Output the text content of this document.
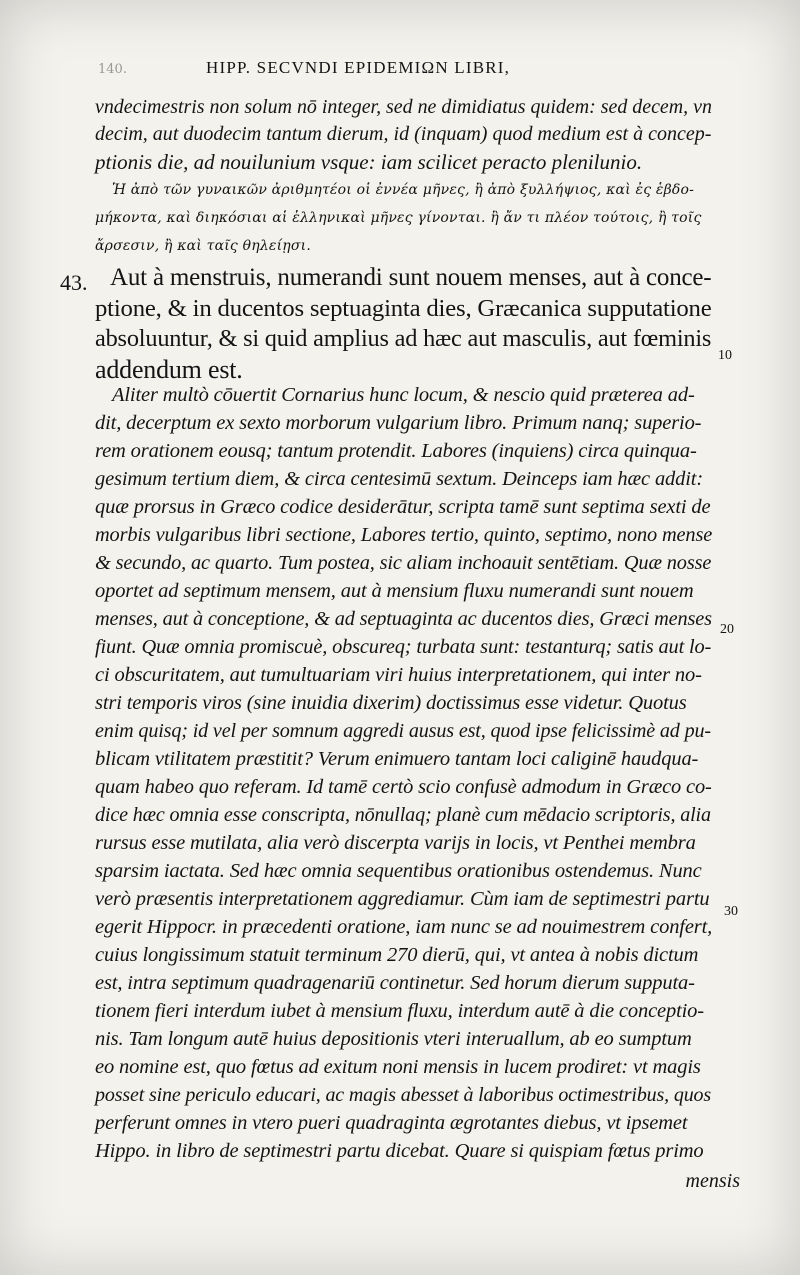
140.	HIPP. SECVNDI EPIDEMIΩN LIBRI,
vndecimestris non solum nō integer, sed ne dimidiatus quidem: sed decem, vn
decim, aut duodecim tantum dierum, id (inquam) quod medium est à concep-
ptionis die, ad nouilunium vsque: iam scilicet peracto plenilunio.
Ἡ ἀπὸ τῶν γυναικῶν ἀριθμητέοι οἱ ἐννέα μῆνες, ἢ ἀπὸ ξυλλήψιος, καὶ ἐς ἑβδο-
μήκοντα, καὶ διηκόσιαι αἱ ἑλληνικαὶ μῆνες γίνονται. ἢ ἄν τι πλέον τούτοις, ἢ τοῖς
ἄρσεσιν, ἢ καὶ ταῖς θηλείῃσι.
43. Aut à menstruis, numerandi sunt nouem menses, aut à conce-
ptione, & in ducentos septuaginta dies, Græcanica supputatione
absoluuntur, & si quid amplius ad hæc aut masculis, aut fœminis
addendum est.	10
Aliter multò cōuertit Cornarius hunc locum, & nescio quid præterea ad-
dit, decerptum ex sexto morborum vulgarium libro. Primum nanq; superio-
rem orationem eousq; tantum protendit. Labores (inquiens) circa quinqua-
gesimum tertium diem, & circa centesimū sextum. Deinceps iam hæc addit:
quæ prorsus in Græco codice desiderātur, scripta tamē sunt septima sexti de
morbis vulgaribus libri sectione, Labores tertio, quinto, septimo, nono mense
& secundo, ac quarto. Tum postea, sic aliam inchoauit sentētiam. Quæ nosse
oportet ad septimum mensem, aut à mensium fluxu numerandi sunt nouem
menses, aut à conceptione, & ad septuaginta ac ducentos dies, Græci menses 20
fiunt. Quæ omnia promiscuè, obscureq; turbata sunt: testanturq; satis aut lo-
ci obscuritatem, aut tumultuariam viri huius interpretationem, qui inter no-
stri temporis viros (sine inuidia dixerim) doctissimus esse videtur. Quotus
enim quisq; id vel per somnum aggredi ausus est, quod ipse felicissimè ad pu-
blicam vtilitatem præstitit? Verum enimuero tantam loci caliginē haudqua-
quam habeo quo referam. Id tamē certò scio confusè admodum in Græco co-
dice hæc omnia esse conscripta, nōnullaq; planè cum mēdacio scriptoris, alia
rursus esse mutilata, alia verò discerpta varijs in locis, vt Penthei membra
sparsim iactata. Sed hæc omnia sequentibus orationibus ostendemus. Nunc
verò præsentis interpretationem aggrediamur. Cùm iam de septimestri partu
30
egerit Hippocr. in præcedenti oratione, iam nunc se ad nouimestrem confert,
cuius longissimum statuit terminum 270 dierū, qui, vt antea à nobis dictum
est, intra septimum quadragenariū continetur. Sed horum dierum supputa-
tionem fieri interdum iubet à mensium fluxu, interdum autē à die conceptio-
nis. Tam longum autē huius depositionis vteri interuallum, ab eo sumptum
eo nomine est, quo fœtus ad exitum noni mensis in lucem prodiret: vt magis
posset sine periculo educari, ac magis abesset à laboribus octimestribus, quos
perferunt omnes in vtero pueri quadraginta ægrotantes diebus, vt ipsemet
Hippo. in libro de septimestri partu dicebat. Quare si quispiam fœtus primo
mensis
